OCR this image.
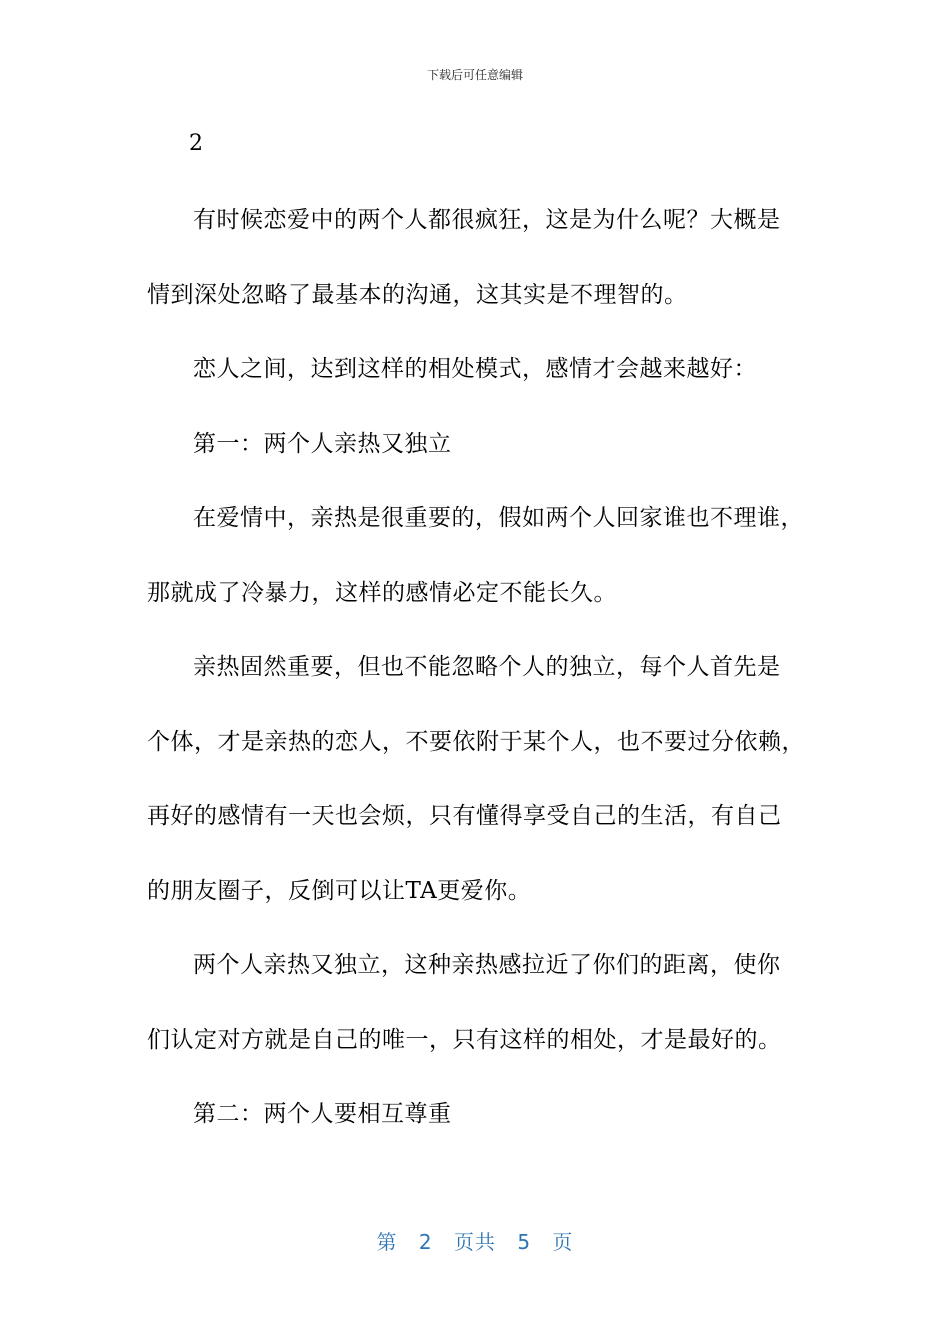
下载后可任意编辑
2
有时候恋爱中的两个人都很疯狂，这是为什么呢？大概是
情到深处忽略了最基本的沟通，这其实是不理智的。
恋人之间，达到这样的相处模式，感情才会越来越好：
第一：两个人亲热又独立
在爱情中，亲热是很重要的，假如两个人回家谁也不理谁，
那就成了冷暴力，这样的感情必定不能长久。
亲热固然重要，但也不能忽略个人的独立，每个人首先是
个体，才是亲热的恋人，不要依附于某个人，也不要过分依赖，
再好的感情有一天也会烦，只有懂得享受自己的生活，有自己
的朋友圈子，反倒可以让TA更爱你。
两个人亲热又独立，这种亲热感拉近了你们的距离，使你
们认定对方就是自己的唯一，只有这样的相处，才是最好的。
第二：两个人要相互尊重
第 2 页共 5 页
